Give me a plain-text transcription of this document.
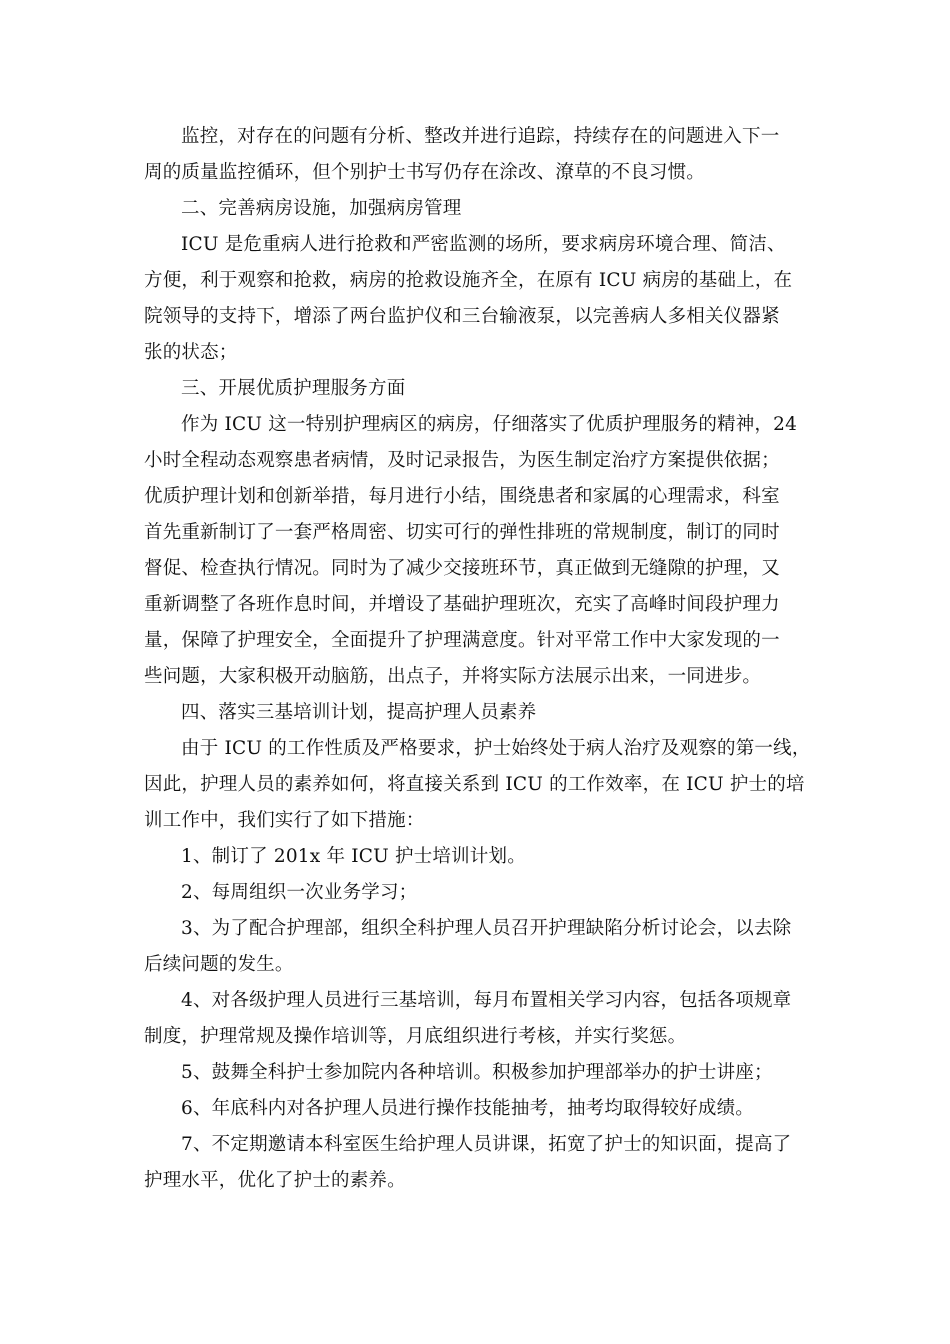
监控，对存在的问题有分析、整改并进行追踪，持续存在的问题进入下一
周的质量监控循环，但个别护士书写仍存在涂改、潦草的不良习惯。
二、完善病房设施，加强病房管理
ICU 是危重病人进行抢救和严密监测的场所，要求病房环境合理、简洁、
方便，利于观察和抢救，病房的抢救设施齐全，在原有 ICU 病房的基础上，在
院领导的支持下，增添了两台监护仪和三台输液泵，以完善病人多相关仪器紧
张的状态；
三、开展优质护理服务方面
作为 ICU 这一特别护理病区的病房，仔细落实了优质护理服务的精神，24
小时全程动态观察患者病情，及时记录报告，为医生制定治疗方案提供依据；
优质护理计划和创新举措，每月进行小结，围绕患者和家属的心理需求，科室
首先重新制订了一套严格周密、切实可行的弹性排班的常规制度，制订的同时
督促、检查执行情况。同时为了减少交接班环节，真正做到无缝隙的护理，又
重新调整了各班作息时间，并增设了基础护理班次，充实了高峰时间段护理力
量，保障了护理安全，全面提升了护理满意度。针对平常工作中大家发现的一
些问题，大家积极开动脑筋，出点子，并将实际方法展示出来，一同进步。
四、落实三基培训计划，提高护理人员素养
由于 ICU 的工作性质及严格要求，护士始终处于病人治疗及观察的第一线，
因此，护理人员的素养如何，将直接关系到 ICU 的工作效率，在 ICU 护士的培
训工作中，我们实行了如下措施：
1、制订了 201x 年 ICU 护士培训计划。
2、每周组织一次业务学习；
3、为了配合护理部，组织全科护理人员召开护理缺陷分析讨论会，以去除
后续问题的发生。
4、对各级护理人员进行三基培训，每月布置相关学习内容，包括各项规章
制度，护理常规及操作培训等，月底组织进行考核，并实行奖惩。
5、鼓舞全科护士参加院内各种培训。积极参加护理部举办的护士讲座；
6、年底科内对各护理人员进行操作技能抽考，抽考均取得较好成绩。
7、不定期邀请本科室医生给护理人员讲课，拓宽了护士的知识面，提高了
护理水平，优化了护士的素养。
